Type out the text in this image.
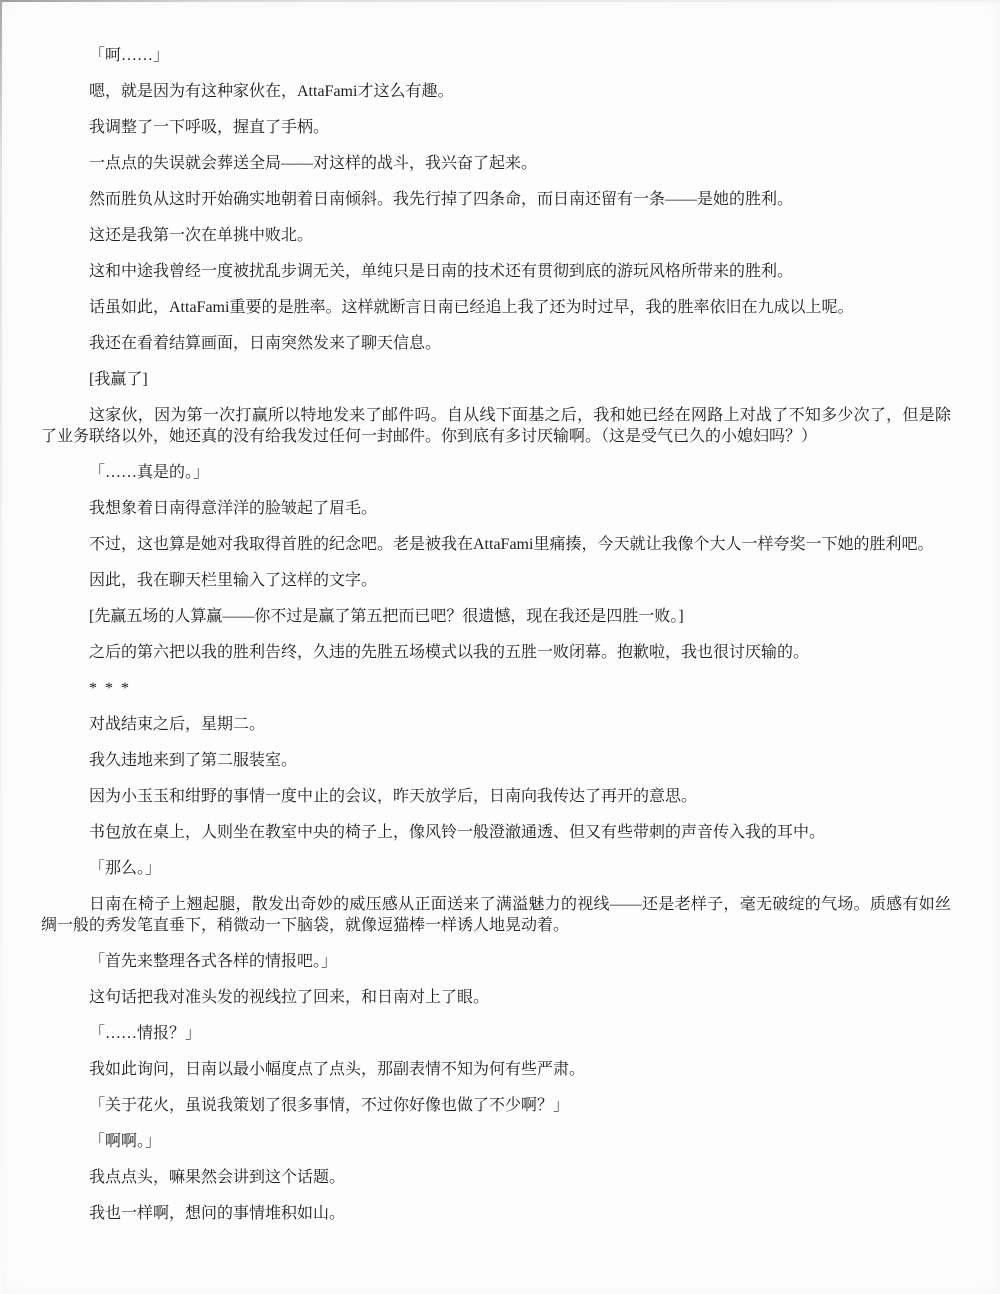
「呵……」

嗯，就是因为有这种家伙在，AttaFami才这么有趣。

我调整了一下呼吸，握直了手柄。

一点点的失误就会葬送全局——对这样的战斗，我兴奋了起来。

然而胜负从这时开始确实地朝着日南倾斜。我先行掉了四条命，而日南还留有一条——是她的胜利。

这还是我第一次在单挑中败北。

这和中途我曾经一度被扰乱步调无关，单纯只是日南的技术还有贯彻到底的游玩风格所带来的胜利。

话虽如此，AttaFami重要的是胜率。这样就断言日南已经追上我了还为时过早，我的胜率依旧在九成以上呢。

我还在看着结算画面，日南突然发来了聊天信息。

[我赢了]

这家伙，因为第一次打赢所以特地发来了邮件吗。自从线下面基之后，我和她已经在网路上对战了不知多少次了，但是除了业务联络以外，她还真的没有给我发过任何一封邮件。你到底有多讨厌输啊。（这是受气已久的小媳妇吗？）

「……真是的。」

我想象着日南得意洋洋的脸皱起了眉毛。

不过，这也算是她对我取得首胜的纪念吧。老是被我在AttaFami里痛揍，今天就让我像个大人一样夸奖一下她的胜利吧。

因此，我在聊天栏里输入了这样的文字。

[先赢五场的人算赢——你不过是赢了第五把而已吧？很遗憾，现在我还是四胜一败。]

之后的第六把以我的胜利告终，久违的先胜五场模式以我的五胜一败闭幕。抱歉啦，我也很讨厌输的。

* * *

对战结束之后，星期二。

我久违地来到了第二服装室。

因为小玉玉和绀野的事情一度中止的会议，昨天放学后，日南向我传达了再开的意思。

书包放在桌上，人则坐在教室中央的椅子上，像风铃一般澄澈通透、但又有些带刺的声音传入我的耳中。

「那么。」

日南在椅子上翘起腿，散发出奇妙的威压感从正面送来了满溢魅力的视线——还是老样子，毫无破绽的气场。质感有如丝绸一般的秀发笔直垂下，稍微动一下脑袋，就像逗猫棒一样诱人地晃动着。

「首先来整理各式各样的情报吧。」

这句话把我对准头发的视线拉了回来，和日南对上了眼。

「……情报？」

我如此询问，日南以最小幅度点了点头，那副表情不知为何有些严肃。

「关于花火，虽说我策划了很多事情，不过你好像也做了不少啊？」

「啊啊。」

我点点头，嘛果然会讲到这个话题。

我也一样啊，想问的事情堆积如山。
